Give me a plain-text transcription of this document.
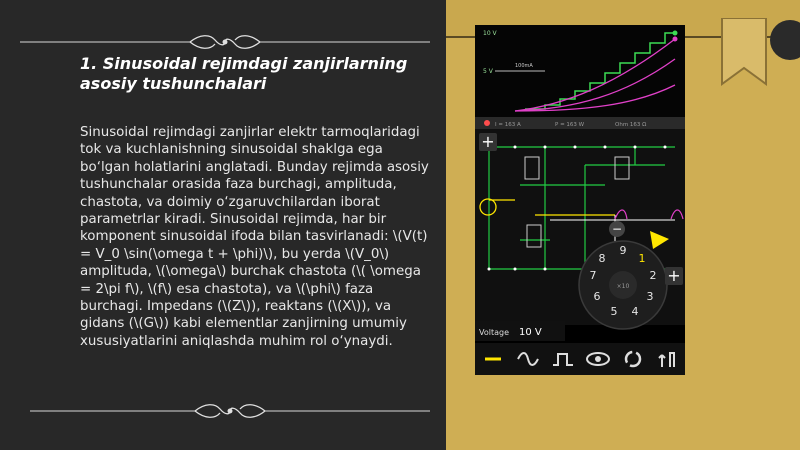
1. Sinusoidal rejimdagi zanjirlarning asosiy tushunchalari
Sinusoidal rejimdagi zanjirlar elektr tarmoqlaridagi tok va kuchlanishning sinusoidal shaklga ega bo‘lgan holatlarini anglatadi. Bunday rejimda asosiy tushunchalar orasida faza burchagi, amplituda, chastota, va doimiy o‘zgaruvchilardan iborat parametrlar kiradi. Sinusoidal rejimda, har bir komponent sinusoidal ifoda bilan tasvirlanadi: \(V(t) = V_0 \sin(\omega t + \phi)\), bu yerda \(V_0\) amplituda, \(\omega\) burchak chastota (\( \omega = 2\pi f\), \(f\) esa chastota), va \(\phi\) faza burchagi. Impedans (\(Z\)), reaktans (\(X\)), va gidans (\(G\)) kabi elementlar zanjirning umumiy xususiyatlarini aniqlashda muhim rol o‘ynaydi.
10 V
5 V
100mA
I = 163 A	P = 163 W	Ohm 163 Ω
+
×10
9
1
2
3
4
5
6
7
8
−
+
Voltage 10 V
